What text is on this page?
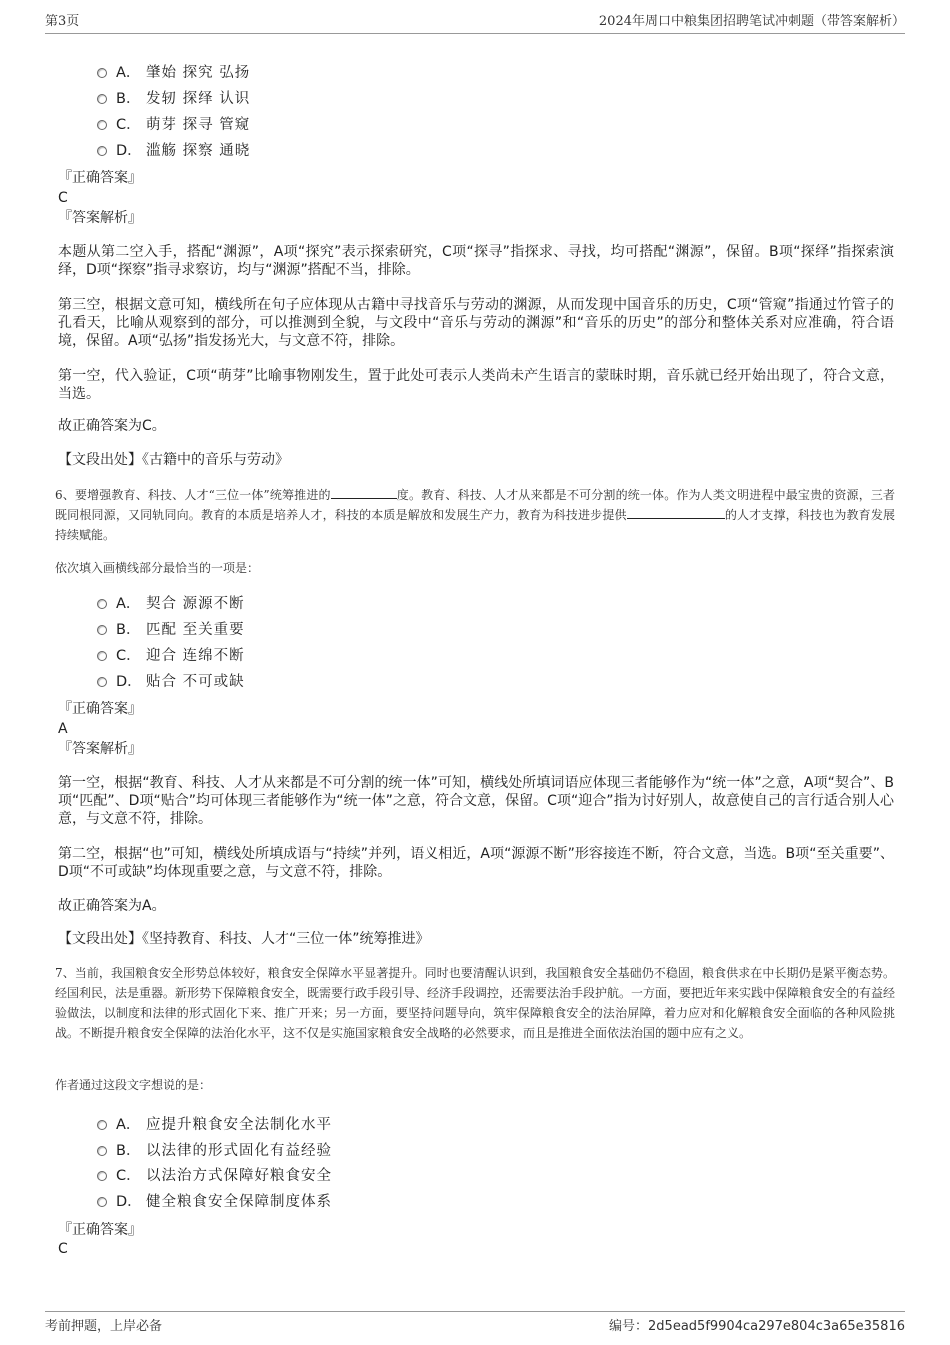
第3页	2024年周口中粮集团招聘笔试冲刺题（带答案解析）
A． 肇始 探究 弘扬
B． 发轫 探绎 认识
C． 萌芽 探寻 管窥
D． 滥觞 探察 通晓
『正确答案』
C
『答案解析』
本题从第二空入手，搭配“渊源”，A项“探究”表示探索研究，C项“探寻”指探求、寻找，均可搭配“渊源”，保留。B项“探绎”指探索演绎，D项“探察”指寻求察访，均与“渊源”搭配不当，排除。
第三空，根据文意可知，横线所在句子应体现从古籍中寻找音乐与劳动的渊源，从而发现中国音乐的历史，C项“管窥”指通过竹管子的孔看天，比喻从观察到的部分，可以推测到全貌，与文段中“音乐与劳动的渊源”和“音乐的历史”的部分和整体关系对应准确，符合语境，保留。A项“弘扬”指发扬光大，与文意不符，排除。
第一空，代入验证，C项“萌芽”比喻事物刚发生，置于此处可表示人类尚未产生语言的蒙昧时期，音乐就已经开始出现了，符合文意，当选。
故正确答案为C。
【文段出处】《古籍中的音乐与劳动》
6、要增强教育、科技、人才“三位一体”统筹推进的	度。教育、科技、人才从来都是不可分割的统一体。作为人类文明进程中最宝贵的资源，三者既同根同源，又同轨同向。教育的本质是培养人才，科技的本质是解放和发展生产力，教育为科技进步提供	的人才支撑，科技也为教育发展持续赋能。
依次填入画横线部分最恰当的一项是：
A． 契合 源源不断
B． 匹配 至关重要
C． 迎合 连绵不断
D． 贴合 不可或缺
『正确答案』
A
『答案解析』
第一空，根据“教育、科技、人才从来都是不可分割的统一体”可知，横线处所填词语应体现三者能够作为“统一体”之意，A项“契合”、B项“匹配”、D项“贴合”均可体现三者能够作为“统一体”之意，符合文意，保留。C项“迎合”指为讨好别人，故意使自己的言行适合别人心意，与文意不符，排除。
第二空，根据“也”可知，横线处所填成语与“持续”并列，语义相近，A项“源源不断”形容接连不断，符合文意，当选。B项“至关重要”、D项“不可或缺”均体现重要之意，与文意不符，排除。
故正确答案为A。
【文段出处】《坚持教育、科技、人才“三位一体”统筹推进》
7、当前，我国粮食安全形势总体较好，粮食安全保障水平显著提升。同时也要清醒认识到，我国粮食安全基础仍不稳固，粮食供求在中长期仍是紧平衡态势。经国利民，法是重器。新形势下保障粮食安全，既需要行政手段引导、经济手段调控，还需要法治手段护航。一方面，要把近年来实践中保障粮食安全的有益经验做法，以制度和法律的形式固化下来、推广开来；另一方面，要坚持问题导向，筑牢保障粮食安全的法治屏障，着力应对和化解粮食安全面临的各种风险挑战。不断提升粮食安全保障的法治化水平，这不仅是实施国家粮食安全战略的必然要求，而且是推进全面依法治国的题中应有之义。
作者通过这段文字想说的是：
A． 应提升粮食安全法制化水平
B． 以法律的形式固化有益经验
C． 以法治方式保障好粮食安全
D． 健全粮食安全保障制度体系
『正确答案』
C
考前押题，上岸必备	编号：2d5ead5f9904ca297e804c3a65e35816
